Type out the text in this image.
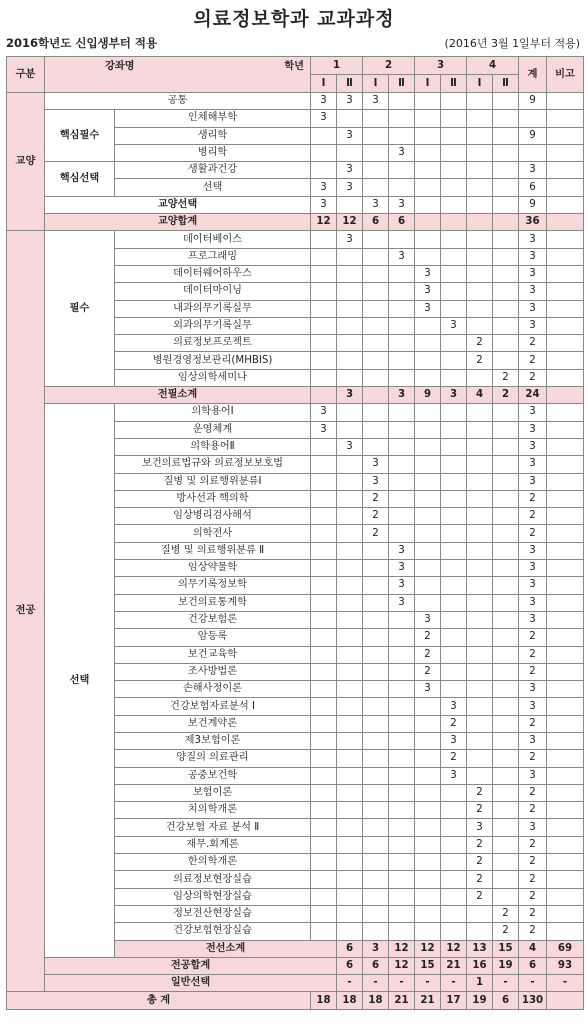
의료정보학과 교과과정
2016학년도 신입생부터 적용	(2016년 3월 1일부터 적용)
구분	강좌명 학년		1		2		3		4		계	비고	
			Ⅰ	Ⅱ	Ⅰ	Ⅱ	Ⅰ	Ⅱ	Ⅰ	Ⅱ			
교양	공통		3	3	3						9		
	핵심필수	인체해부학	3										
		생리학		3							9		
		병리학				3							
	핵심선택	생활과건강		3							3		
		선택	3	3							6		
	교양선택		3		3	3					9		
	교양합계		12	12	6	6					36		
전공	필수	데이터베이스		3							3		
		프로그래밍				3					3		
		데이터웨어하우스					3				3		
		데이터마이닝					3				3		
		내과의무기록실무					3				3		
		외과의무기록실무						3			3		
		의료정보프로젝트							2		2		
		병원경영정보관리(MHBIS)							2		2		
		임상의학세미나								2	2		
	전필소계			3		3	9	3	4	2	24		
	선택	의학용어Ⅰ	3								3		
		운영체계	3								3		
		의학용어Ⅱ		3							3		
		보건의료법규와 의료정보보호법			3						3		
		질병 및 의료행위분류Ⅰ			3						3		
		방사선과 핵의학			2						2		
		임상병리검사해석			2						2		
		의학전사			2						2		
		질병 및 의료행위분류 Ⅱ				3					3		
		임상약물학				3					3		
		의무기록정보학				3					3		
		보건의료통계학				3					3		
		건강보험론					3				3		
		암등록					2				2		
		보건교육학					2				2		
		조사방법론					2				2		
		손해사정이론					3				3		
		건강보험자료분석 Ⅰ						3			3		
		보건계약론						2			2		
		제3보험이론						3			3		
		양질의 의료관리						2			2		
		공중보건학						3			3		
		보험이론							2		2		
		치의학개론							2		2		
		건강보험 자료 분석 Ⅱ							3		3		
		재무.회계론							2		2		
		한의학개론							2		2		
		의료정보현장실습							2		2		
		임상의학현장실습							2		2		
		정보전산현장실습								2	2		
		건강보험현장실습								2	2		
		전선소계		6	3	12	12	12	13	15	4	69	
	전공합계			6	6	12	15	21	16	19	6	93	
	일반선택			-	-	-	-	-	1	-	-	-	
총 계			18	18	18	21	21	17	19	6	130		
